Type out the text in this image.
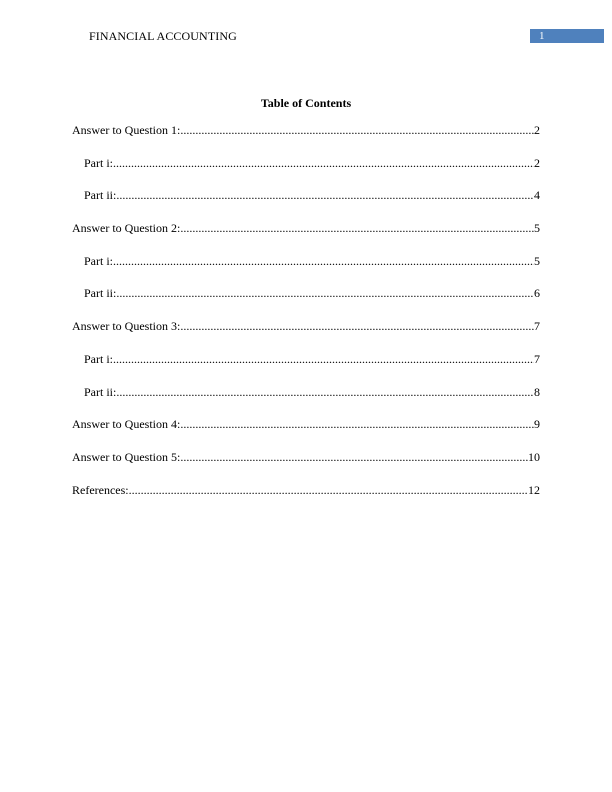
FINANCIAL ACCOUNTING	1
Table of Contents
Answer to Question 1: .....	2
Part i: .....	2
Part ii: .....	4
Answer to Question 2: .....	5
Part i: .....	5
Part ii: .....	6
Answer to Question 3: .....	7
Part i: .....	7
Part ii: .....	8
Answer to Question 4: .....	9
Answer to Question 5: .....	10
References: .....	12
